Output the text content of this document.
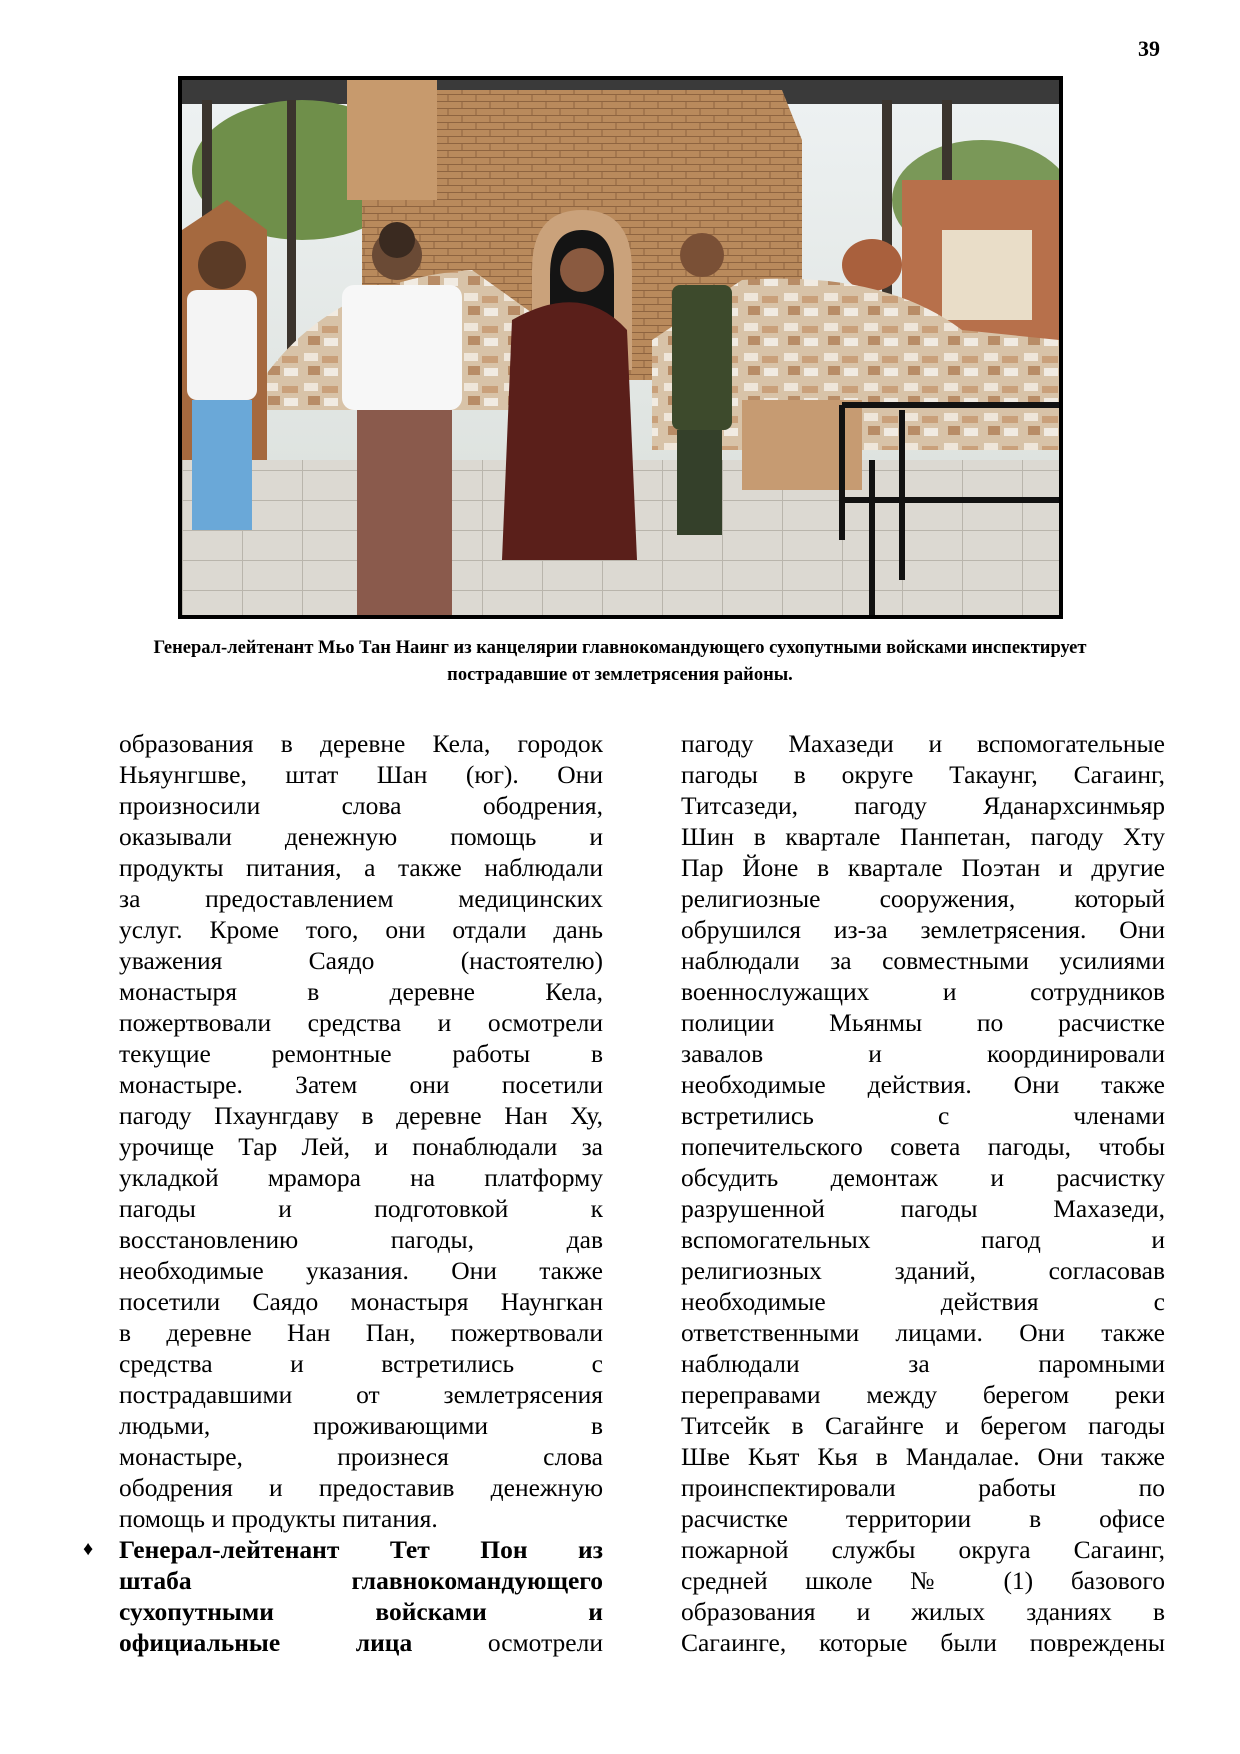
39
Генерал-лейтенант Мьо Тан Наинг из канцелярии главнокомандующего сухопутными войсками инспектирует
пострадавшие от землетрясения районы.
образования в деревне Кела, городок
Ньяунгшве, штат Шан (юг). Они
произносили слова ободрения,
оказывали денежную помощь и
продукты питания, а также наблюдали
за предоставлением медицинских
услуг. Кроме того, они отдали дань
уважения Саядо (настоятелю)
монастыря в деревне Кела,
пожертвовали средства и осмотрели
текущие ремонтные работы в
монастыре. Затем они посетили
пагоду Пхаунгдаву в деревне Нан Ху,
урочище Тар Лей, и понаблюдали за
укладкой мрамора на платформу
пагоды и подготовкой к
восстановлению пагоды, дав
необходимые указания. Они также
посетили Саядо монастыря Наунгкан
в деревне Нан Пан, пожертвовали
средства и встретились с
пострадавшими от землетрясения
людьми, проживающими в
монастыре, произнеся слова
ободрения и предоставив денежную
помощь и продукты питания.
♦ Генерал-лейтенант Тет Пон из
штаба главнокомандующего
сухопутными войсками и
официальные лица	осмотрели
пагоду Махазеди и вспомогательные
пагоды в округе Такаунг, Сагаинг,
Титсазеди, пагоду Яданархсинмьяр
Шин в квартале Панпетан, пагоду Хту
Пар Йоне в квартале Поэтан и другие
религиозные сооружения, который
обрушился из-за землетрясения. Они
наблюдали за совместными усилиями
военнослужащих и сотрудников
полиции Мьянмы по расчистке
завалов и координировали
необходимые действия. Они также
встретились с членами
попечительского совета пагоды, чтобы
обсудить демонтаж и расчистку
разрушенной пагоды Махазеди,
вспомогательных пагод и
религиозных зданий, согласовав
необходимые действия с
ответственными лицами. Они также
наблюдали за паромными
переправами между берегом реки
Титсейк в Сагайнге и берегом пагоды
Шве Кьят Кья в Мандалае. Они также
проинспектировали работы по
расчистке территории в офисе
пожарной службы округа Сагаинг,
средней школе № (1) базового
образования и жилых зданиях в
Сагаинге, которые были повреждены
